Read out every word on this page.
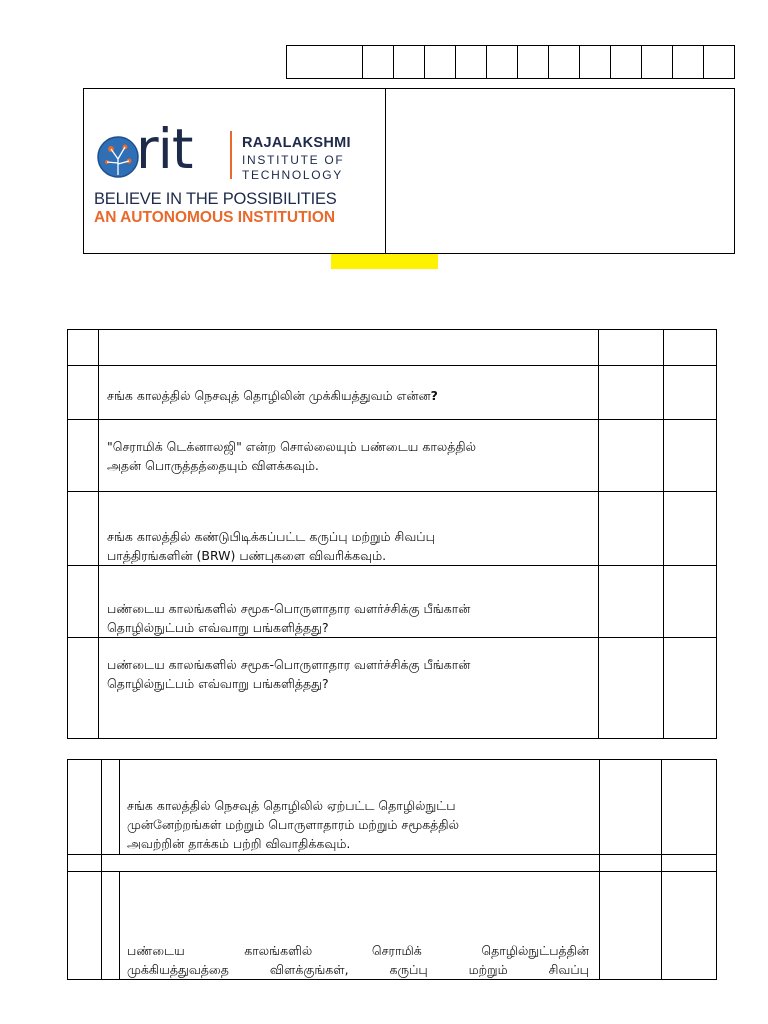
rit	RAJALAKSHMI
INSTITUTE OF
TECHNOLOGY
BELIEVE IN THE POSSIBILITIES
AN AUTONOMOUS INSTITUTION

	சங்க காலத்தில் நெசவுத் தொழிலின் முக்கியத்துவம் என்ன?		

	"செராமிக் டெக்னாலஜி" என்ற சொல்லையும் பண்டைய காலத்தில்
அதன் பொருத்தத்தையும் விளக்கவும்.		

	சங்க காலத்தில் கண்டுபிடிக்கப்பட்ட கருப்பு மற்றும் சிவப்பு
பாத்திரங்களின் (BRW) பண்புகளை விவரிக்கவும்.		

	பண்டைய காலங்களில் சமூக-பொருளாதார வளர்ச்சிக்கு பீங்கான்
தொழில்நுட்பம் எவ்வாறு பங்களித்தது?		

	பண்டைய காலங்களில் சமூக-பொருளாதார வளர்ச்சிக்கு பீங்கான்
தொழில்நுட்பம் எவ்வாறு பங்களித்தது?		

		சங்க காலத்தில் நெசவுத் தொழிலில் ஏற்பட்ட தொழில்நுட்ப
முன்னேற்றங்கள் மற்றும் பொருளாதாரம் மற்றும் சமூகத்தில்
அவற்றின் தாக்கம் பற்றி விவாதிக்கவும்.		

		பண்டைய காலங்களில் செராமிக் தொழில்நுட்பத்தின்
முக்கியத்துவத்தை விளக்குங்கள், கருப்பு மற்றும் சிவப்பு		
